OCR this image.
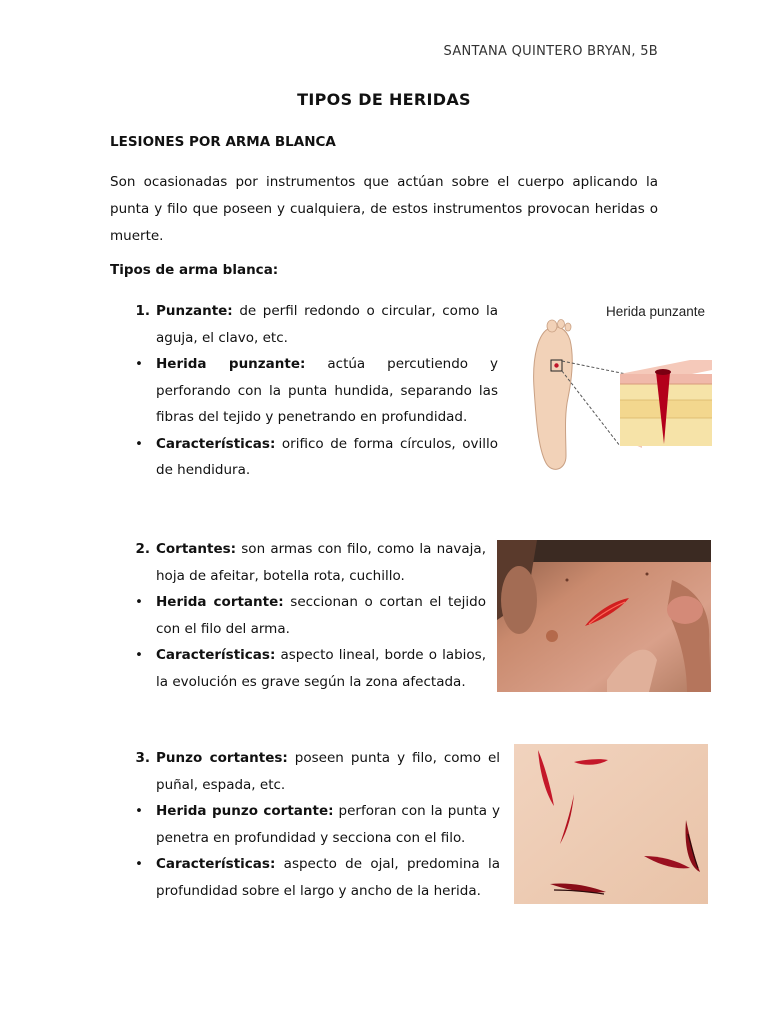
SANTANA QUINTERO BRYAN, 5B
TIPOS DE HERIDAS
LESIONES POR ARMA BLANCA
Son ocasionadas por instrumentos que actúan sobre el cuerpo aplicando la punta y filo que poseen y cualquiera, de estos instrumentos provocan heridas o muerte.
Tipos de arma blanca:
1. Punzante: de perfil redondo o circular, como la aguja, el clavo, etc.
• Herida punzante: actúa percutiendo y perforando con la punta hundida, separando las fibras del tejido y penetrando en profundidad.
• Características: orifico de forma círculos, ovillo de hendidura.
Herida punzante
2. Cortantes: son armas con filo, como la navaja, hoja de afeitar, botella rota, cuchillo.
• Herida cortante: seccionan o cortan el tejido con el filo del arma.
• Características: aspecto lineal, borde o labios, la evolución es grave según la zona afectada.
3. Punzo cortantes: poseen punta y filo, como el puñal, espada, etc.
• Herida punzo cortante: perforan con la punta y penetra en profundidad y secciona con el filo.
• Características: aspecto de ojal, predomina la profundidad sobre el largo y ancho de la herida.
